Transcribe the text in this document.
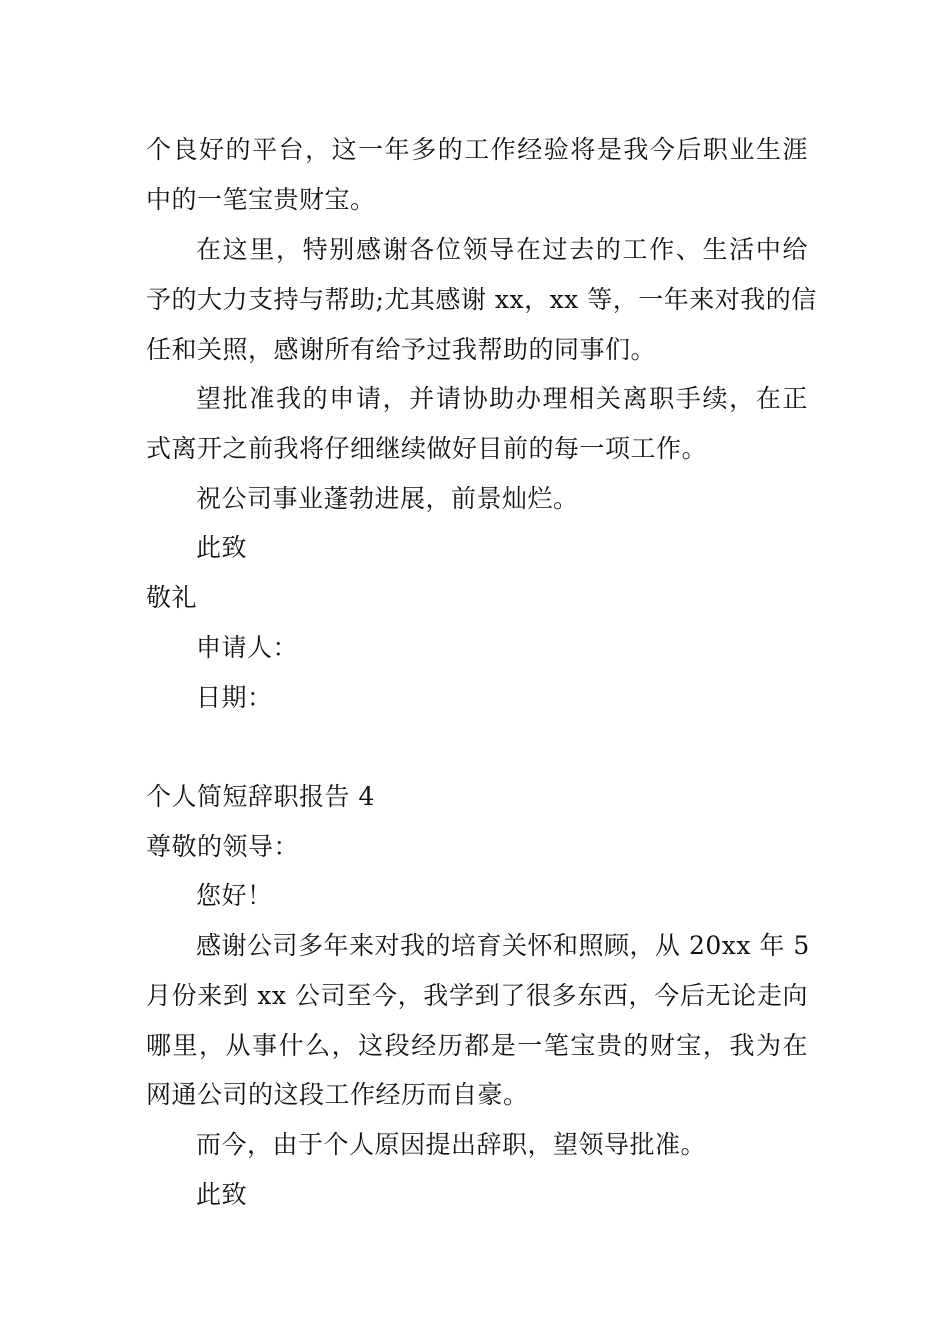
个良好的平台，这一年多的工作经验将是我今后职业生涯
中的一笔宝贵财宝。
在这里，特别感谢各位领导在过去的工作、生活中给
予的大力支持与帮助;尤其感谢 xx，xx 等，一年来对我的信
任和关照，感谢所有给予过我帮助的同事们。
望批准我的申请，并请协助办理相关离职手续，在正
式离开之前我将仔细继续做好目前的每一项工作。
祝公司事业蓬勃进展，前景灿烂。
此致
敬礼
申请人：
日期：
个人简短辞职报告 4
尊敬的领导：
您好！
感谢公司多年来对我的培育关怀和照顾，从 20xx 年 5
月份来到 xx 公司至今，我学到了很多东西，今后无论走向
哪里，从事什么，这段经历都是一笔宝贵的财宝，我为在
网通公司的这段工作经历而自豪。
而今，由于个人原因提出辞职，望领导批准。
此致
